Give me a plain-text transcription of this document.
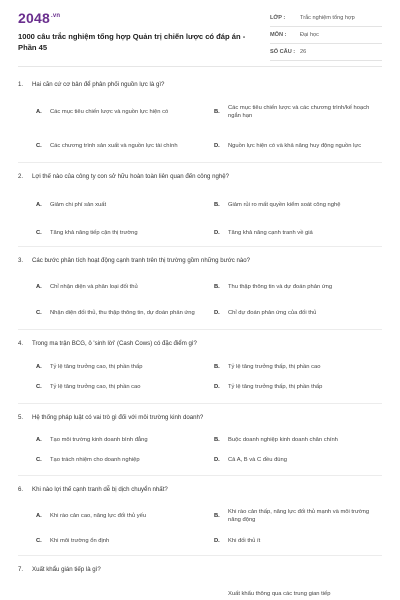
$2048^{.vn}$
1000 câu trắc nghiệm tổng hợp Quản trị chiến lược có đáp án - Phần 45
LỚP :	Trắc nghiệm tổng hợp
MÔN : Đại học
SỐ CÂU : 26
1. Hai căn cứ cơ bản để phân phối nguồn lực là gì?
A.	Các mục tiêu chiến lược và nguồn lực hiện có	B.
Các mục tiêu chiến lược và các chương trình/kế hoạch ngắn hạn
C.	Các chương trình sản xuất và nguồn lực tài chính	D.	Nguồn lực hiện có và khả năng huy động nguồn lực
2. Lợi thế nào của công ty con sở hữu hoàn toàn liên quan đến công nghệ?
A.	Giảm chi phí sản xuất	B.	Giảm rủi ro mất quyền kiểm soát công nghệ
C.	Tăng khả năng tiếp cận thị trường	D.	Tăng khả năng cạnh tranh về giá
3. Các bước phân tích hoạt động cạnh tranh trên thị trường gồm những bước nào?
A.	Chỉ nhận diện và phân loại đối thủ	B.	Thu thập thông tin và dự đoán phản ứng
C.	Nhận diện đối thủ, thu thập thông tin, dự đoán phản ứng	D.	Chỉ dự đoán phản ứng của đối thủ
4. Trong ma trận BCG, ô 'sinh lời' (Cash Cows) có đặc điểm gì?
A.	Tỷ lệ tăng trưởng cao, thị phần thấp	B.	Tỷ lệ tăng trưởng thấp, thị phần cao
C.	Tỷ lệ tăng trưởng cao, thị phần cao	D.	Tỷ lệ tăng trưởng thấp, thị phần thấp
5. Hệ thống pháp luật có vai trò gì đối với môi trường kinh doanh?
A.	Tạo môi trường kinh doanh bình đẳng	B.	Buộc doanh nghiệp kinh doanh chân chính
C.	Tạo trách nhiệm cho doanh nghiệp	D.	Cả A, B và C đều đúng
6. Khi nào lợi thế cạnh tranh dễ bị dịch chuyển nhất?
A.	Khi rào cản cao, năng lực đối thủ yếu	B.
Khi rào cản thấp, năng lực đối thủ mạnh và môi trường năng động
C.	Khi môi trường ổn định	D.	Khi đối thủ ít
7. Xuất khẩu gián tiếp là gì?
Xuất khẩu thông qua các trung gian tiếp
